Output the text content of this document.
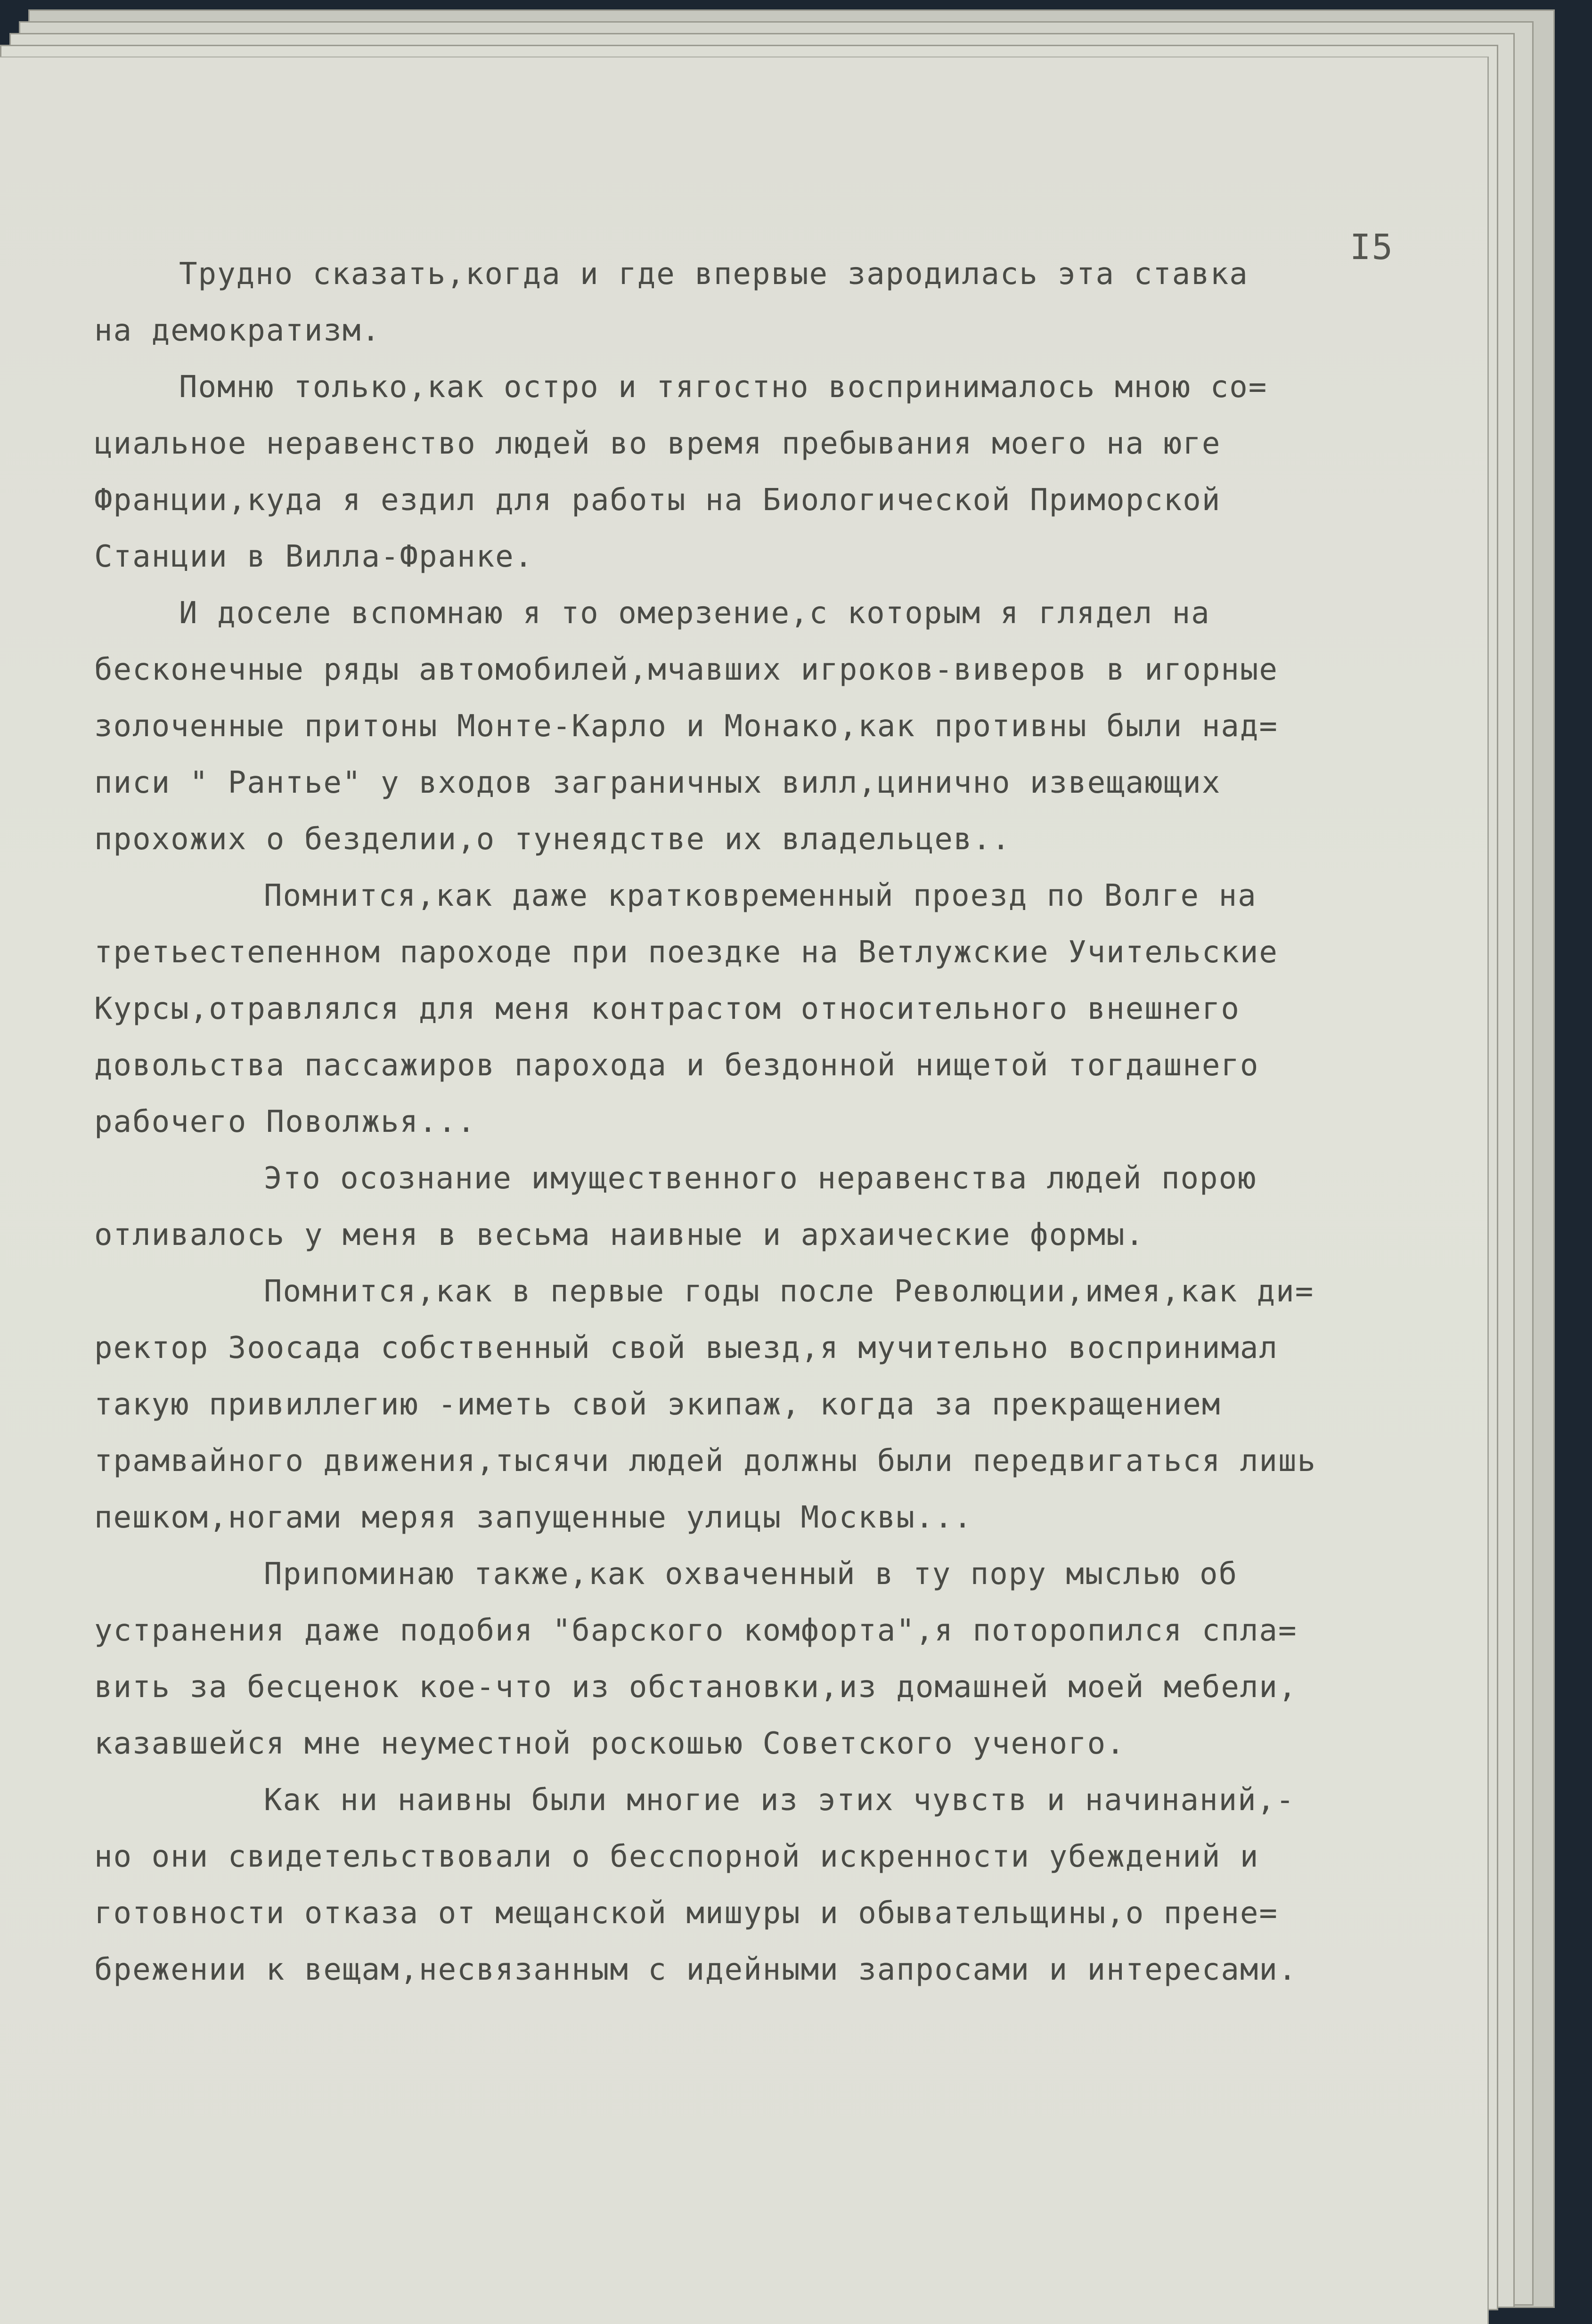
I5
Трудно сказать,когда и где впервые зародилась эта ставка
на демократизм.
Помню только,как остро и тягостно воспринималось мною со=
циальное неравенство людей во время пребывания моего на юге
Франции,куда я ездил для работы на Биологической Приморской
Станции в Вилла-Франке.
И доселе вспомнаю я то омерзение,с которым я глядел на
бесконечные ряды автомобилей,мчавших игроков-виверов в игорные
золоченные притоны Монте-Карло и Монако,как противны были над=
писи " Рантье" у входов заграничных вилл,цинично извещающих
прохожих о безделии,о тунеядстве их владельцев..
Помнится,как даже кратковременный проезд по Волге на
третьестепенном пароходе при поездке на Ветлужские Учительские
Курсы,отравлялся для меня контрастом относительного внешнего
довольства пассажиров парохода и бездонной нищетой тогдашнего
рабочего Поволжья...
Это осознание имущественного неравенства людей порою
отливалось у меня в весьма наивные и архаические формы.
Помнится,как в первые годы после Революции,имея,как ди=
ректор Зоосада собственный свой выезд,я мучительно воспринимал
такую привиллегию -иметь свой экипаж, когда за прекращением
трамвайного движения,тысячи людей должны были передвигаться лишь
пешком,ногами меряя запущенные улицы Москвы...
Припоминаю также,как охваченный в ту пору мыслью об
устранения даже подобия "барского комфорта",я поторопился спла=
вить за бесценок кое-что из обстановки,из домашней моей мебели,
казавшейся мне неуместной роскошью Советского ученого.
Как ни наивны были многие из этих чувств и начинаний,-
но они свидетельствовали о бесспорной искренности убеждений и
готовности отказа от мещанской мишуры и обывательщины,о прене=
брежении к вещам,несвязанным с идейными запросами и интересами.
